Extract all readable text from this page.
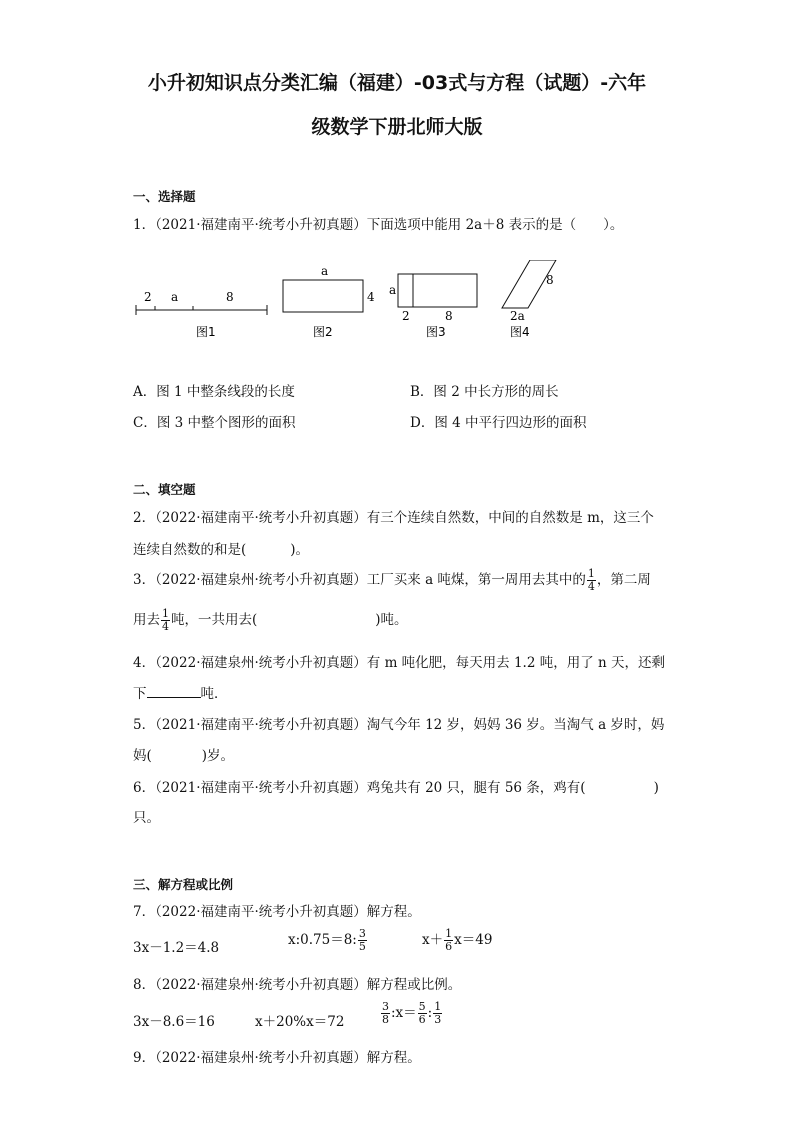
小升初知识点分类汇编（福建）-03式与方程（试题）-六年
级数学下册北师大版
一、选择题
1．（2021·福建南平·统考小升初真题）下面选项中能用 2a＋8 表示的是（　　）。
2 a	8
图1
a
4
图2
a
2	8
图3
8
2a
图4
A．图 1 中整条线段的长度	B．图 2 中长方形的周长
C．图 3 中整个图形的面积	D．图 4 中平行四边形的面积
二、填空题
2．（2022·福建南平·统考小升初真题）有三个连续自然数，中间的自然数是 m，这三个
连续自然数的和是(	)。
3．（2022·福建泉州·统考小升初真题）工厂买来 a 吨煤，第一周用去其中的 $\frac{1}{4}$ ，第二周
用去 $\frac{1}{4}$ 吨，一共用去(	)吨。
4．（2022·福建泉州·统考小升初真题）有 m 吨化肥，每天用去 1.2 吨，用了 n 天，还剩
下	吨．
5．（2021·福建南平·统考小升初真题）淘气今年 12 岁，妈妈 36 岁。当淘气 a 岁时，妈
妈(	)岁。
6．（2021·福建南平·统考小升初真题）鸡兔共有 20 只，腿有 56 条，鸡有(	)
只。
三、解方程或比例
7．（2022·福建南平·统考小升初真题）解方程。
3x－1.2＝4.8	x:0.75＝8: $\frac{3}{5}$	$x+ \frac{1}{6} x=49$
8．（2022·福建泉州·统考小升初真题）解方程或比例。
3x－8.6＝16	x＋20%x＝72	$\frac{3}{8}$ :x＝ $\frac{5}{6}$ : $\frac{1}{3}$
9．（2022·福建泉州·统考小升初真题）解方程。
